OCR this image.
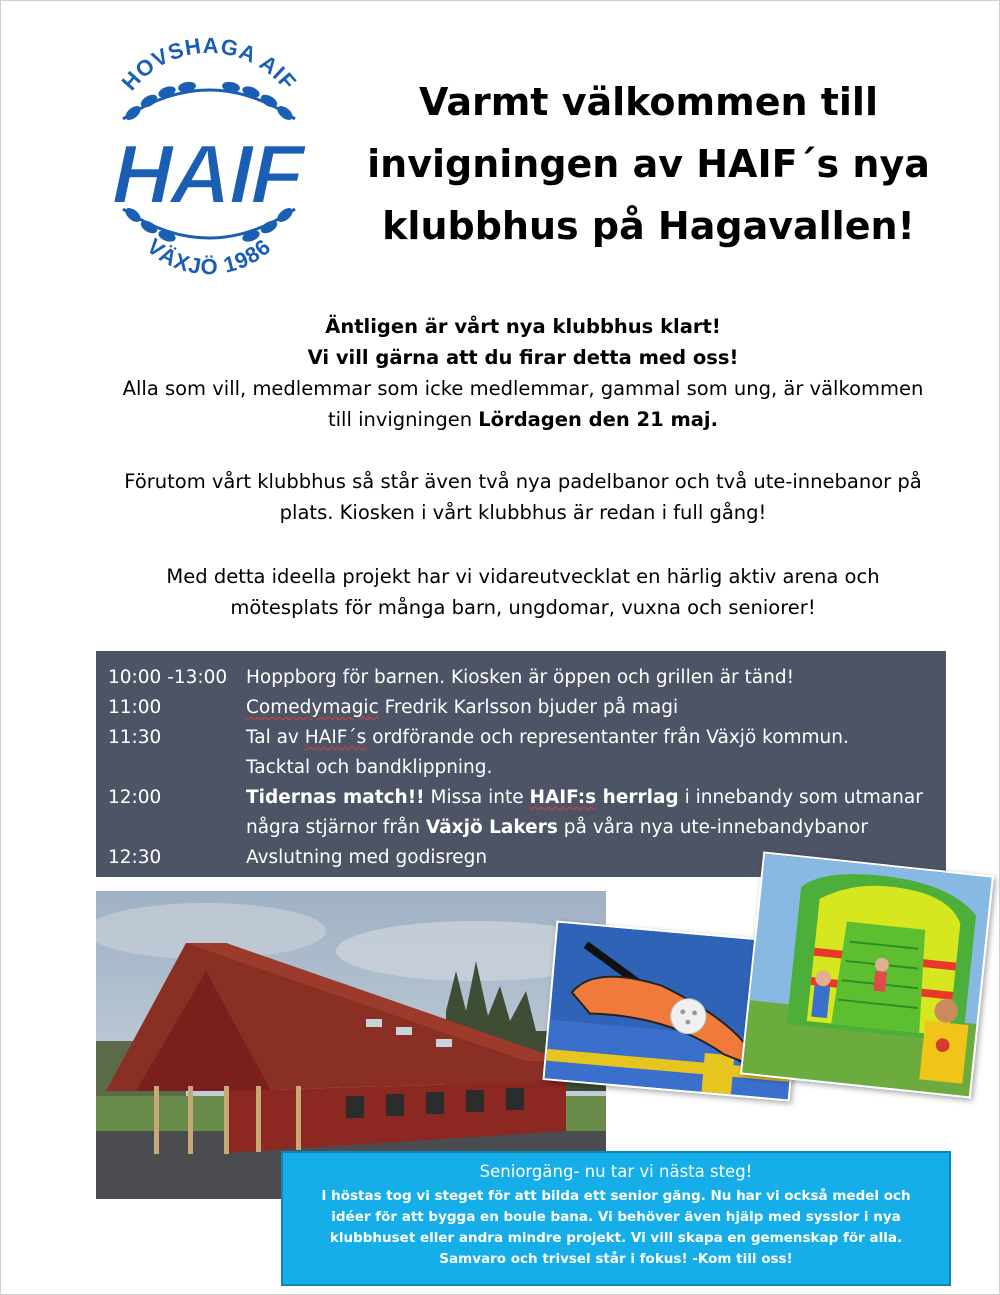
HOVSHAGA AIF
HAIF
VÄXJÖ 1986
Varmt välkommen till
invigningen av HAIF´s nya
klubbhus på Hagavallen!
Äntligen är vårt nya klubbhus klart!
Vi vill gärna att du firar detta med oss!
Alla som vill, medlemmar som icke medlemmar, gammal som ung, är välkommen
till invigningen Lördagen den 21 maj.
Förutom vårt klubbhus så står även två nya padelbanor och två ute-innebanor på
plats. Kiosken i vårt klubbhus är redan i full gång!
Med detta ideella projekt har vi vidareutvecklat en härlig aktiv arena och
mötesplats för många barn, ungdomar, vuxna och seniorer!
10:00 -13:00	Hoppborg för barnen. Kiosken är öppen och grillen är tänd!
11:00	Comedymagic Fredrik Karlsson bjuder på magi
11:30	Tal av HAIF´s ordförande och representanter från Växjö kommun.
Tacktal och bandklippning.
12:00	Tidernas match!! Missa inte HAIF:s herrlag i innebandy som utmanar
några stjärnor från Växjö Lakers på våra nya ute-innebandybanor
12:30	Avslutning med godisregn
Seniorgäng- nu tar vi nästa steg!
I höstas tog vi steget för att bilda ett senior gäng. Nu har vi också medel och
idéer för att bygga en boule bana. Vi behöver även hjälp med sysslor i nya
klubbhuset eller andra mindre projekt. Vi vill skapa en gemenskap för alla.
Samvaro och trivsel står i fokus! -Kom till oss!
